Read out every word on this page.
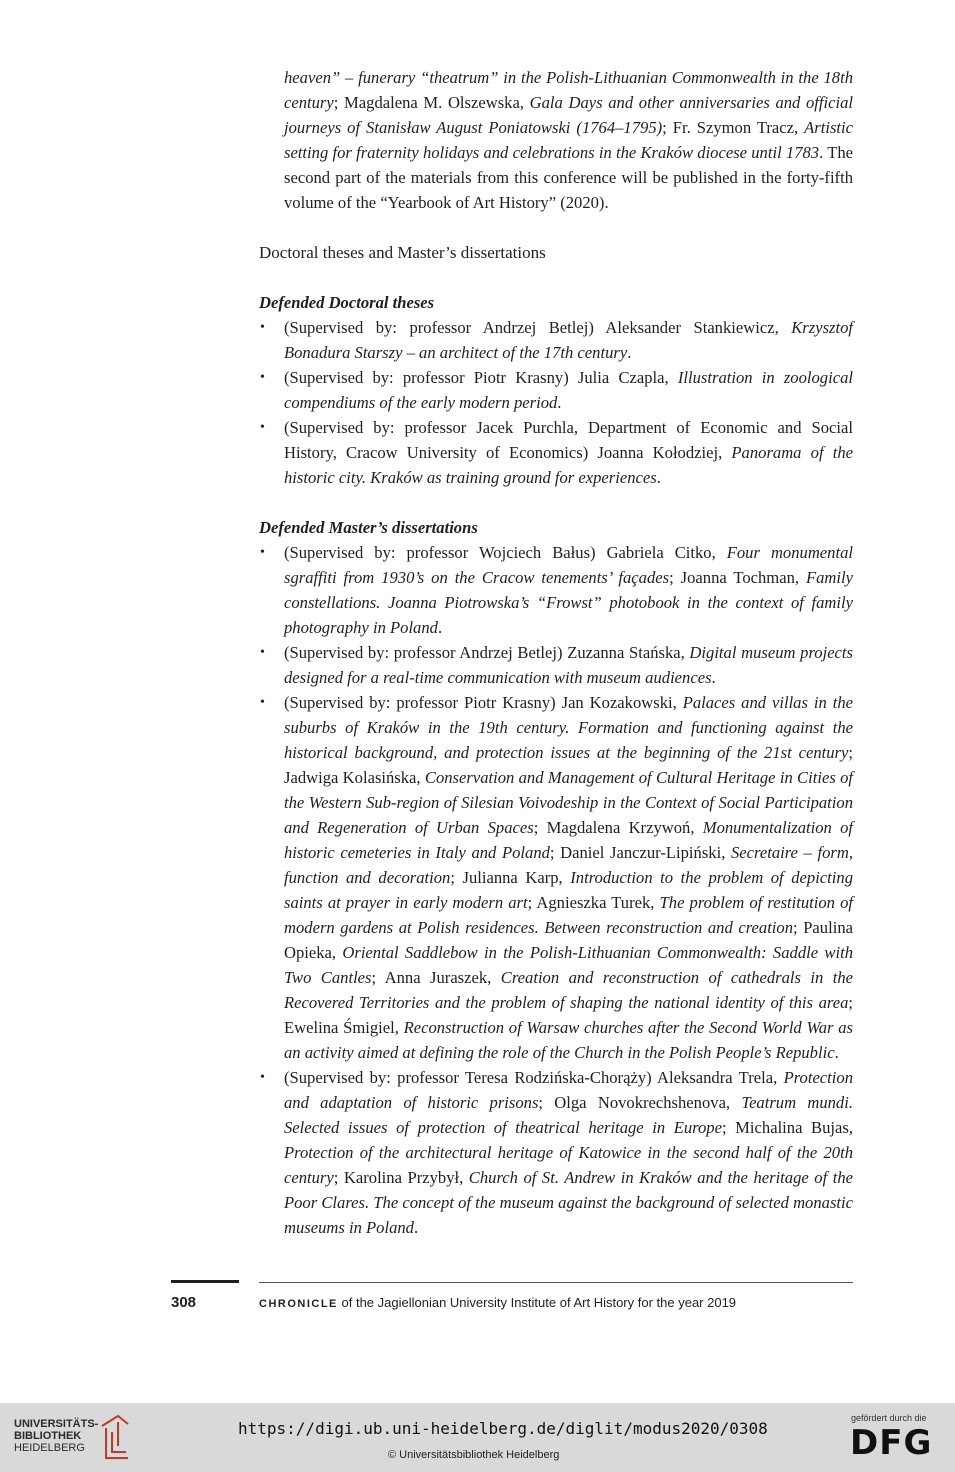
heaven” – funerary “theatrum” in the Polish-Lithuanian Commonwealth in the 18th century; Magdalena M. Olszewska, Gala Days and other anniversaries and official journeys of Stanisław August Poniatowski (1764–1795); Fr. Szymon Tracz, Artistic setting for fraternity holidays and celebrations in the Kraków diocese until 1783. The second part of the materials from this conference will be published in the forty-fifth volume of the “Yearbook of Art History” (2020).

Doctoral theses and Master’s dissertations

Defended Doctoral theses

• (Supervised by: professor Andrzej Betlej) Aleksander Stankiewicz, Krzysztof Bonadura Starszy – an architect of the 17th century.
• (Supervised by: professor Piotr Krasny) Julia Czapla, Illustration in zoological compendiums of the early modern period.
• (Supervised by: professor Jacek Purchla, Department of Economic and Social History, Cracow University of Economics) Joanna Kołodziej, Panorama of the historic city. Kraków as training ground for experiences.

Defended Master’s dissertations

• (Supervised by: professor Wojciech Bałus) Gabriela Citko, Four monumental sgraffiti from 1930’s on the Cracow tenements’ façades; Joanna Tochman, Family constellations. Joanna Piotrowska’s “Frowst” photobook in the context of family photography in Poland.
• (Supervised by: professor Andrzej Betlej) Zuzanna Stańska, Digital museum projects designed for a real-time communication with museum audiences.
• (Supervised by: professor Piotr Krasny) Jan Kozakowski, Palaces and villas in the suburbs of Kraków in the 19th century. Formation and functioning against the historical background, and protection issues at the beginning of the 21st century; Jadwiga Kolasińska, Conservation and Management of Cultural Heritage in Cities of the Western Sub-region of Silesian Voivodeship in the Context of Social Participation and Regeneration of Urban Spaces; Magdalena Krzywoń, Monumentalization of historic cemeteries in Italy and Poland; Daniel Janczur-Lipiński, Secretaire – form, function and decoration; Julianna Karp, Introduction to the problem of depicting saints at prayer in early modern art; Agnieszka Turek, The problem of restitution of modern gardens at Polish residences. Between reconstruction and creation; Paulina Opieka, Oriental Saddlebow in the Polish-Lithuanian Commonwealth: Saddle with Two Cantles; Anna Juraszek, Creation and reconstruction of cathedrals in the Recovered Territories and the problem of shaping the national identity of this area; Ewelina Śmigiel, Reconstruction of Warsaw churches after the Second World War as an activity aimed at defining the role of the Church in the Polish People’s Republic.
• (Supervised by: professor Teresa Rodzińska-Chorąży) Aleksandra Trela, Protection and adaptation of historic prisons; Olga Novokrechshenova, Teatrum mundi. Selected issues of protection of theatrical heritage in Europe; Michalina Bujas, Protection of the architectural heritage of Katowice in the second half of the 20th century; Karolina Przybył, Church of St. Andrew in Kraków and the heritage of the Poor Clares. The concept of the museum against the background of selected monastic museums in Poland.
308	CHRONICLE of the Jagiellonian University Institute of Art History for the year 2019
UNIVERSITÄTS-
BIBLIOTHEK
HEIDELBERG
https://digi.ub.uni-heidelberg.de/diglit/modus2020/0308
© Universitätsbibliothek Heidelberg
gefördert durch die
DFG
